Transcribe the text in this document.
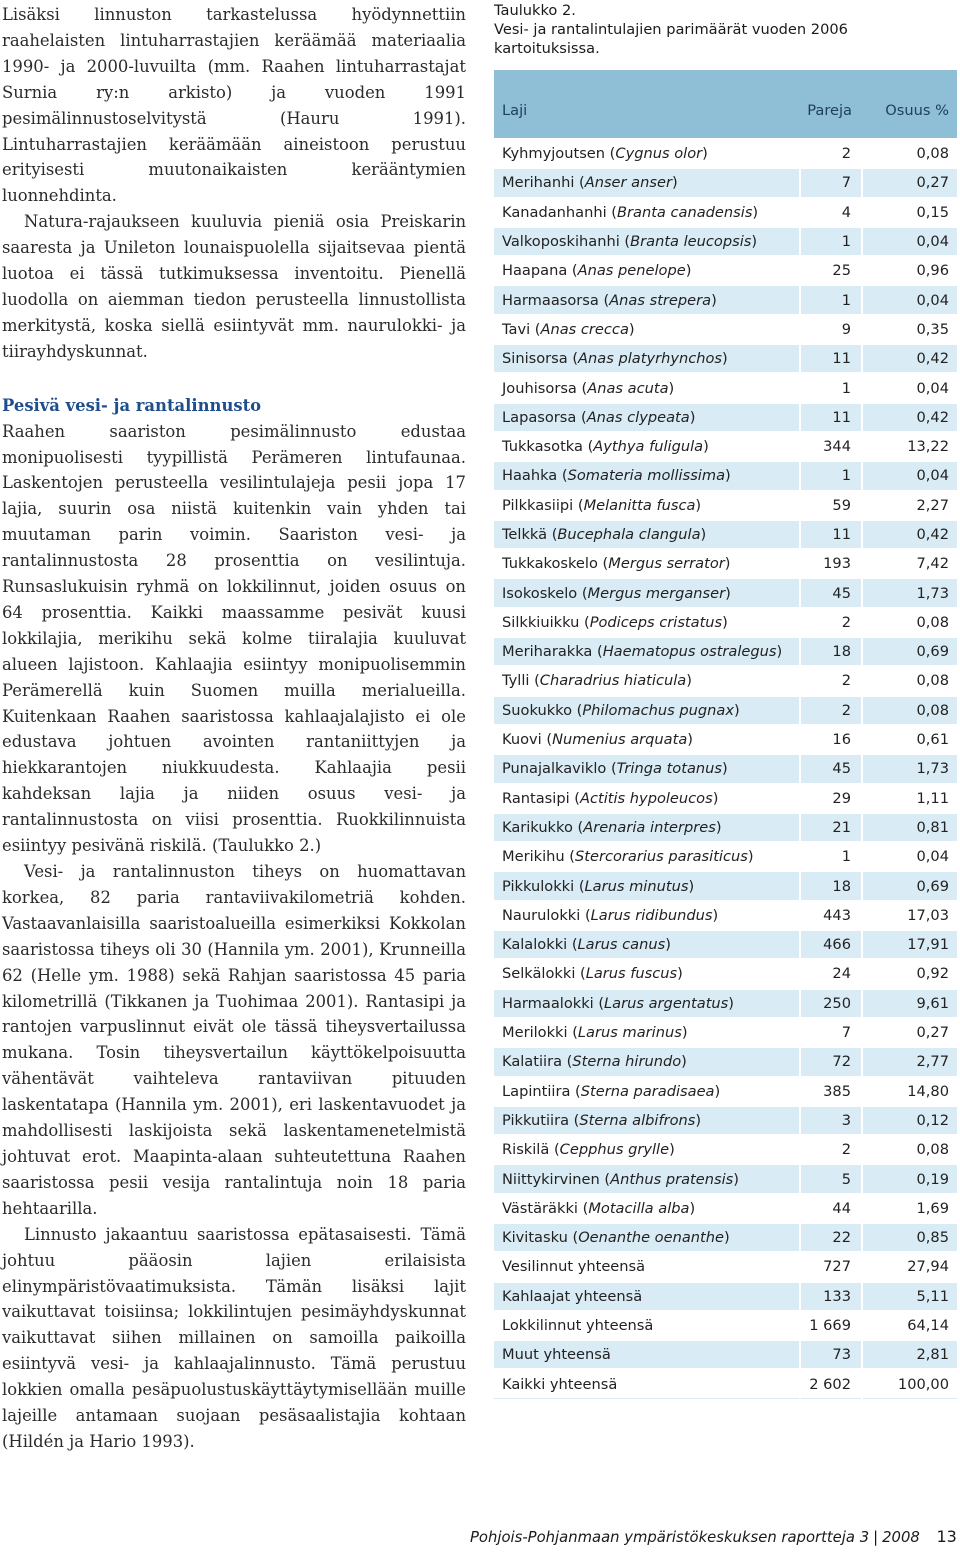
Lisäksi linnuston tarkastelussa hyödynnettiin raahelaisten lintuharrastajien keräämää materiaalia 1990- ja 2000-luvuilta (mm. Raahen lintuharrastajat Surnia ry:n arkisto) ja vuoden 1991 pesimälinnustoselvitystä (Hauru 1991). Lintuharrastajien keräämään aineistoon perustuu erityisesti muutonaikaisten kerääntymien luonnehdinta.

Natura-rajaukseen kuuluvia pieniä osia Preiskarin saaresta ja Unileton lounaispuolella sijaitsevaa pientä luotoa ei tässä tutkimuksessa inventoitu. Pienellä luodolla on aiemman tiedon perusteella linnustollista merkitystä, koska siellä esiintyvät mm. naurulokki- ja tiirayhdyskunnat.

Pesivä vesi- ja rantalinnusto

Raahen saariston pesimälinnusto edustaa monipuolisesti tyypillistä Perämeren lintufaunaa. Laskentojen perusteella vesilintulajeja pesii jopa 17 lajia, suurin osa niistä kuitenkin vain yhden tai muutaman parin voimin. Saariston vesi- ja rantalinnustosta 28 prosenttia on vesilintuja. Runsaslukuisin ryhmä on lokkilinnut, joiden osuus on 64 prosenttia. Kaikki maassamme pesivät kuusi lokkilajia, merikihu sekä kolme tiiralajia kuuluvat alueen lajistoon. Kahlaajia esiintyy monipuolisemmin Perämerellä kuin Suomen muilla merialueilla. Kuitenkaan Raahen saaristossa kahlaajalajisto ei ole edustava johtuen avointen rantaniittyjen ja hiekkarantojen niukkuudesta. Kahlaajia pesii kahdeksan lajia ja niiden osuus vesi- ja rantalinnustosta on viisi prosenttia. Ruokkilinnuista esiintyy pesivänä riskilä. (Taulukko 2.)

Vesi- ja rantalinnuston tiheys on huomattavan korkea, 82 paria rantaviivakilometriä kohden. Vastaavanlaisilla saaristoalueilla esimerkiksi Kokkolan saaristossa tiheys oli 30 (Hannila ym. 2001), Krunneilla 62 (Helle ym. 1988) sekä Rahjan saaristossa 45 paria kilometrillä (Tikkanen ja Tuohimaa 2001). Rantasipi ja rantojen varpuslinnut eivät ole tässä tiheysvertailussa mukana. Tosin tiheysvertailun käyttökelpoisuutta vähentävät vaihteleva rantaviivan pituuden laskentatapa (Hannila ym. 2001), eri laskentavuodet ja mahdollisesti laskijoista sekä laskentamenetelmistä johtuvat erot. Maapinta-alaan suhteutettuna Raahen saaristossa pesii vesija rantalintuja noin 18 paria hehtaarilla.

Linnusto jakaantuu saaristossa epätasaisesti. Tämä johtuu pääosin lajien erilaisista elinympäristövaatimuksista. Tämän lisäksi lajit vaikuttavat toisiinsa; lokkilintujen pesimäyhdyskunnat vaikuttavat siihen millainen on samoilla paikoilla esiintyvä vesi- ja kahlaajalinnusto. Tämä perustuu lokkien omalla pesäpuolustuskäyttäytymisellään muille lajeille antamaan suojaan pesäsaalistajia kohtaan (Hildén ja Hario 1993).

Taulukko 2.
Vesi- ja rantalintulajien parimäärät vuoden 2006 kartoituksissa.
Laji	Pareja	Osuus %
Kyhmyjoutsen (Cygnus olor)	2	0,08
Merihanhi (Anser anser)	7	0,27
Kanadanhanhi (Branta canadensis)	4	0,15
Valkoposkihanhi (Branta leucopsis)	1	0,04
Haapana (Anas penelope)	25	0,96
Harmaasorsa (Anas strepera)	1	0,04
Tavi (Anas crecca)	9	0,35
Sinisorsa (Anas platyrhynchos)	11	0,42
Jouhisorsa (Anas acuta)	1	0,04
Lapasorsa (Anas clypeata)	11	0,42
Tukkasotka (Aythya fuligula)	344	13,22
Haahka (Somateria mollissima)	1	0,04
Pilkkasiipi (Melanitta fusca)	59	2,27
Telkkä (Bucephala clangula)	11	0,42
Tukkakoskelo (Mergus serrator)	193	7,42
Isokoskelo (Mergus merganser)	45	1,73
Silkkiuikku (Podiceps cristatus)	2	0,08
Meriharakka (Haematopus ostralegus)	18	0,69
Tylli (Charadrius hiaticula)	2	0,08
Suokukko (Philomachus pugnax)	2	0,08
Kuovi (Numenius arquata)	16	0,61
Punajalkaviklo (Tringa totanus)	45	1,73
Rantasipi (Actitis hypoleucos)	29	1,11
Karikukko (Arenaria interpres)	21	0,81
Merikihu (Stercorarius parasiticus)	1	0,04
Pikkulokki (Larus minutus)	18	0,69
Naurulokki (Larus ridibundus)	443	17,03
Kalalokki (Larus canus)	466	17,91
Selkälokki (Larus fuscus)	24	0,92
Harmaalokki (Larus argentatus)	250	9,61
Merilokki (Larus marinus)	7	0,27
Kalatiira (Sterna hirundo)	72	2,77
Lapintiira (Sterna paradisaea)	385	14,80
Pikkutiira (Sterna albifrons)	3	0,12
Riskilä (Cepphus grylle)	2	0,08
Niittykirvinen (Anthus pratensis)	5	0,19
Västäräkki (Motacilla alba)	44	1,69
Kivitasku (Oenanthe oenanthe)	22	0,85
Vesilinnut yhteensä	727	27,94
Kahlaajat yhteensä	133	5,11
Lokkilinnut yhteensä	1 669	64,14
Muut yhteensä	73	2,81
Kaikki yhteensä	2 602	100,00
Pohjois-Pohjanmaan ympäristökeskuksen raportteja 3 | 2008 13
